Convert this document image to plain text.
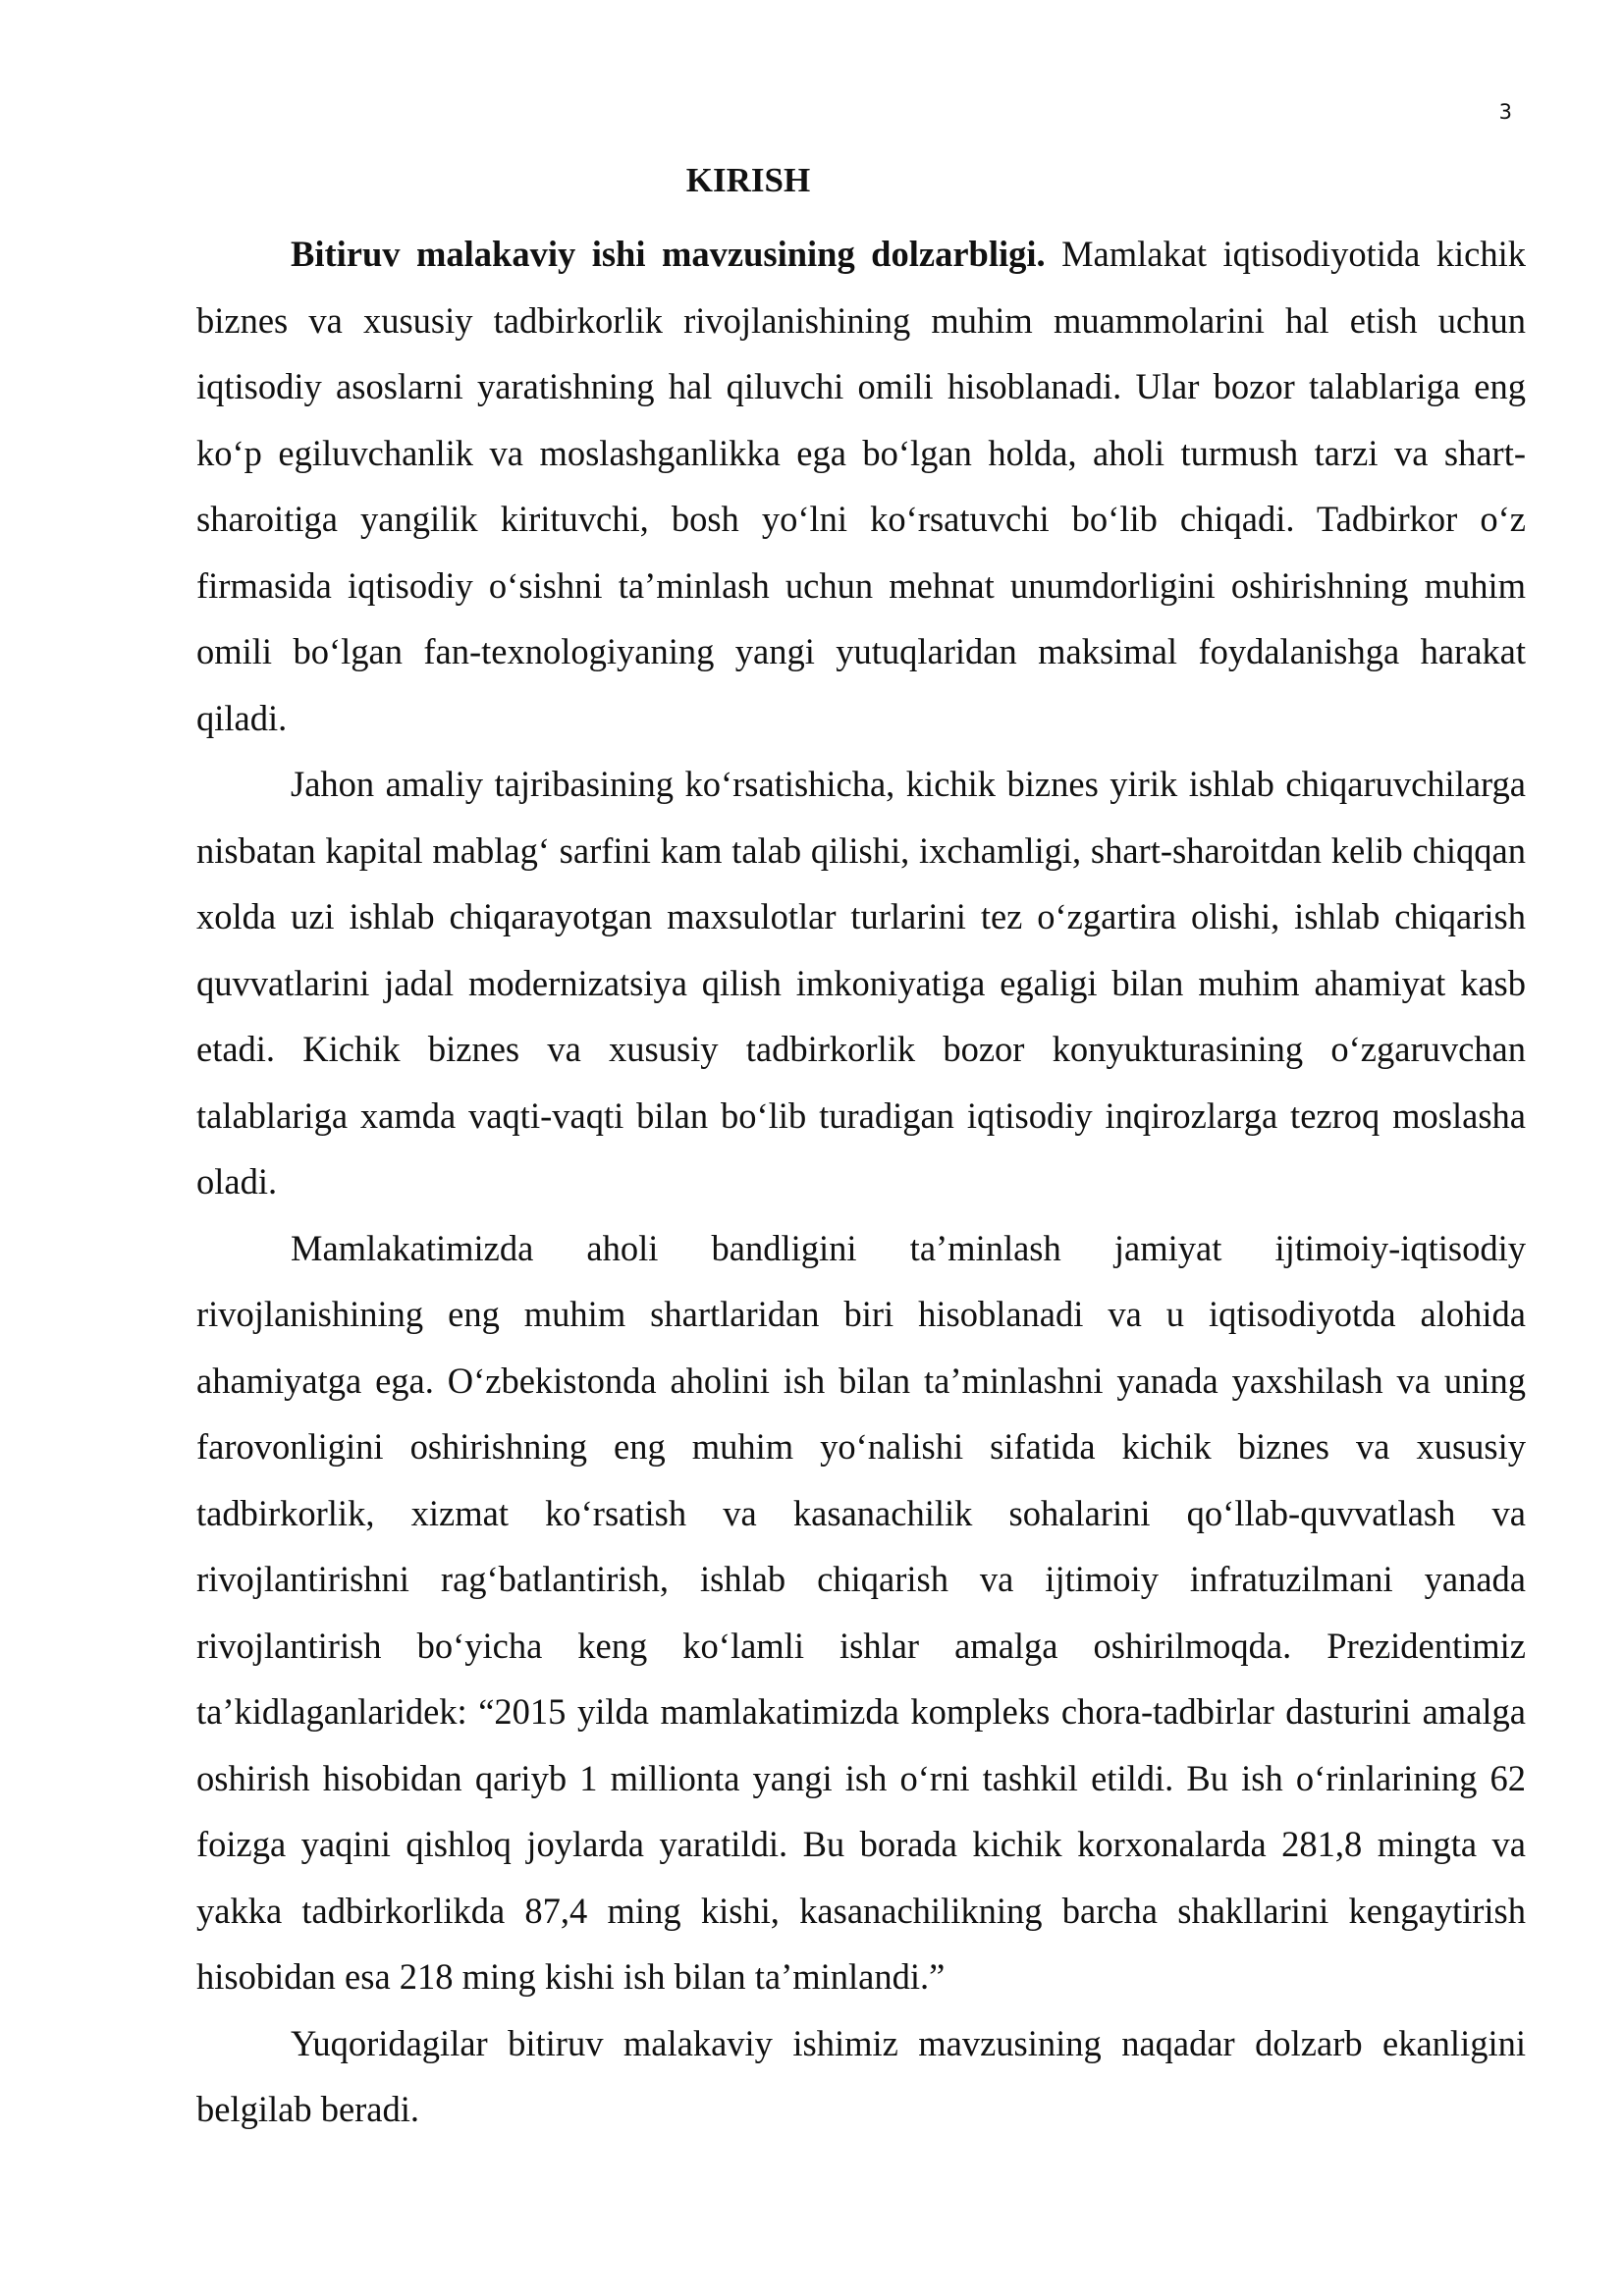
3
KIRISH

Bitiruv malakaviy ishi mavzusining dolzarbligi. Mamlakat iqtisodiyotida kichik biznes va xususiy tadbirkorlik rivojlanishining muhim muammolarini hal etish uchun iqtisodiy asoslarni yaratishning hal qiluvchi omili hisoblanadi. Ular bozor talablariga eng ko‘p egiluvchanlik va moslashganlikka ega bo‘lgan holda, aholi turmush tarzi va shart-sharoitiga yangilik kirituvchi, bosh yo‘lni ko‘rsatuvchi bo‘lib chiqadi. Tadbirkor o‘z firmasida iqtisodiy o‘sishni ta’minlash uchun mehnat unumdorligini oshirishning muhim omili bo‘lgan fan-texnologiyaning yangi yutuqlaridan maksimal foydalanishga harakat qiladi.

Jahon amaliy tajribasining ko‘rsatishicha, kichik biznes yirik ishlab chiqaruvchilarga nisbatan kapital mablag‘ sarfini kam talab qilishi, ixchamligi, shart-sharoitdan kelib chiqqan xolda uzi ishlab chiqarayotgan maxsulotlar turlarini tez o‘zgartira olishi, ishlab chiqarish quvvatlarini jadal modernizatsiya qilish imkoniyatiga egaligi bilan muhim ahamiyat kasb etadi. Kichik biznes va xususiy tadbirkorlik bozor konyukturasining o‘zgaruvchan talablariga xamda vaqti-vaqti bilan bo‘lib turadigan iqtisodiy inqirozlarga tezroq moslasha oladi.

Mamlakatimizda aholi bandligini ta’minlash jamiyat ijtimoiy-iqtisodiy rivojlanishining eng muhim shartlaridan biri hisoblanadi va u iqtisodiyotda alohida ahamiyatga ega. O‘zbekistonda aholini ish bilan ta’minlashni yanada yaxshilash va uning farovonligini oshirishning eng muhim yo‘nalishi sifatida kichik biznes va xususiy tadbirkorlik, xizmat ko‘rsatish va kasanachilik sohalarini qo‘llab-quvvatlash va rivojlantirishni rag‘batlantirish, ishlab chiqarish va ijtimoiy infratuzilmani yanada rivojlantirish bo‘yicha keng ko‘lamli ishlar amalga oshirilmoqda. Prezidentimiz ta’kidlaganlaridek: “2015 yilda mamlakatimizda kompleks chora-tadbirlar dasturini amalga oshirish hisobidan qariyb 1 millionta yangi ish o‘rni tashkil etildi. Bu ish o‘rinlarining 62 foizga yaqini qishloq joylarda yaratildi. Bu borada kichik korxonalarda 281,8 mingta va yakka tadbirkorlikda 87,4 ming kishi, kasanachilikning barcha shakllarini kengaytirish hisobidan esa 218 ming kishi ish bilan ta’minlandi.”

Yuqoridagilar bitiruv malakaviy ishimiz mavzusining naqadar dolzarb ekanligini belgilab beradi.
